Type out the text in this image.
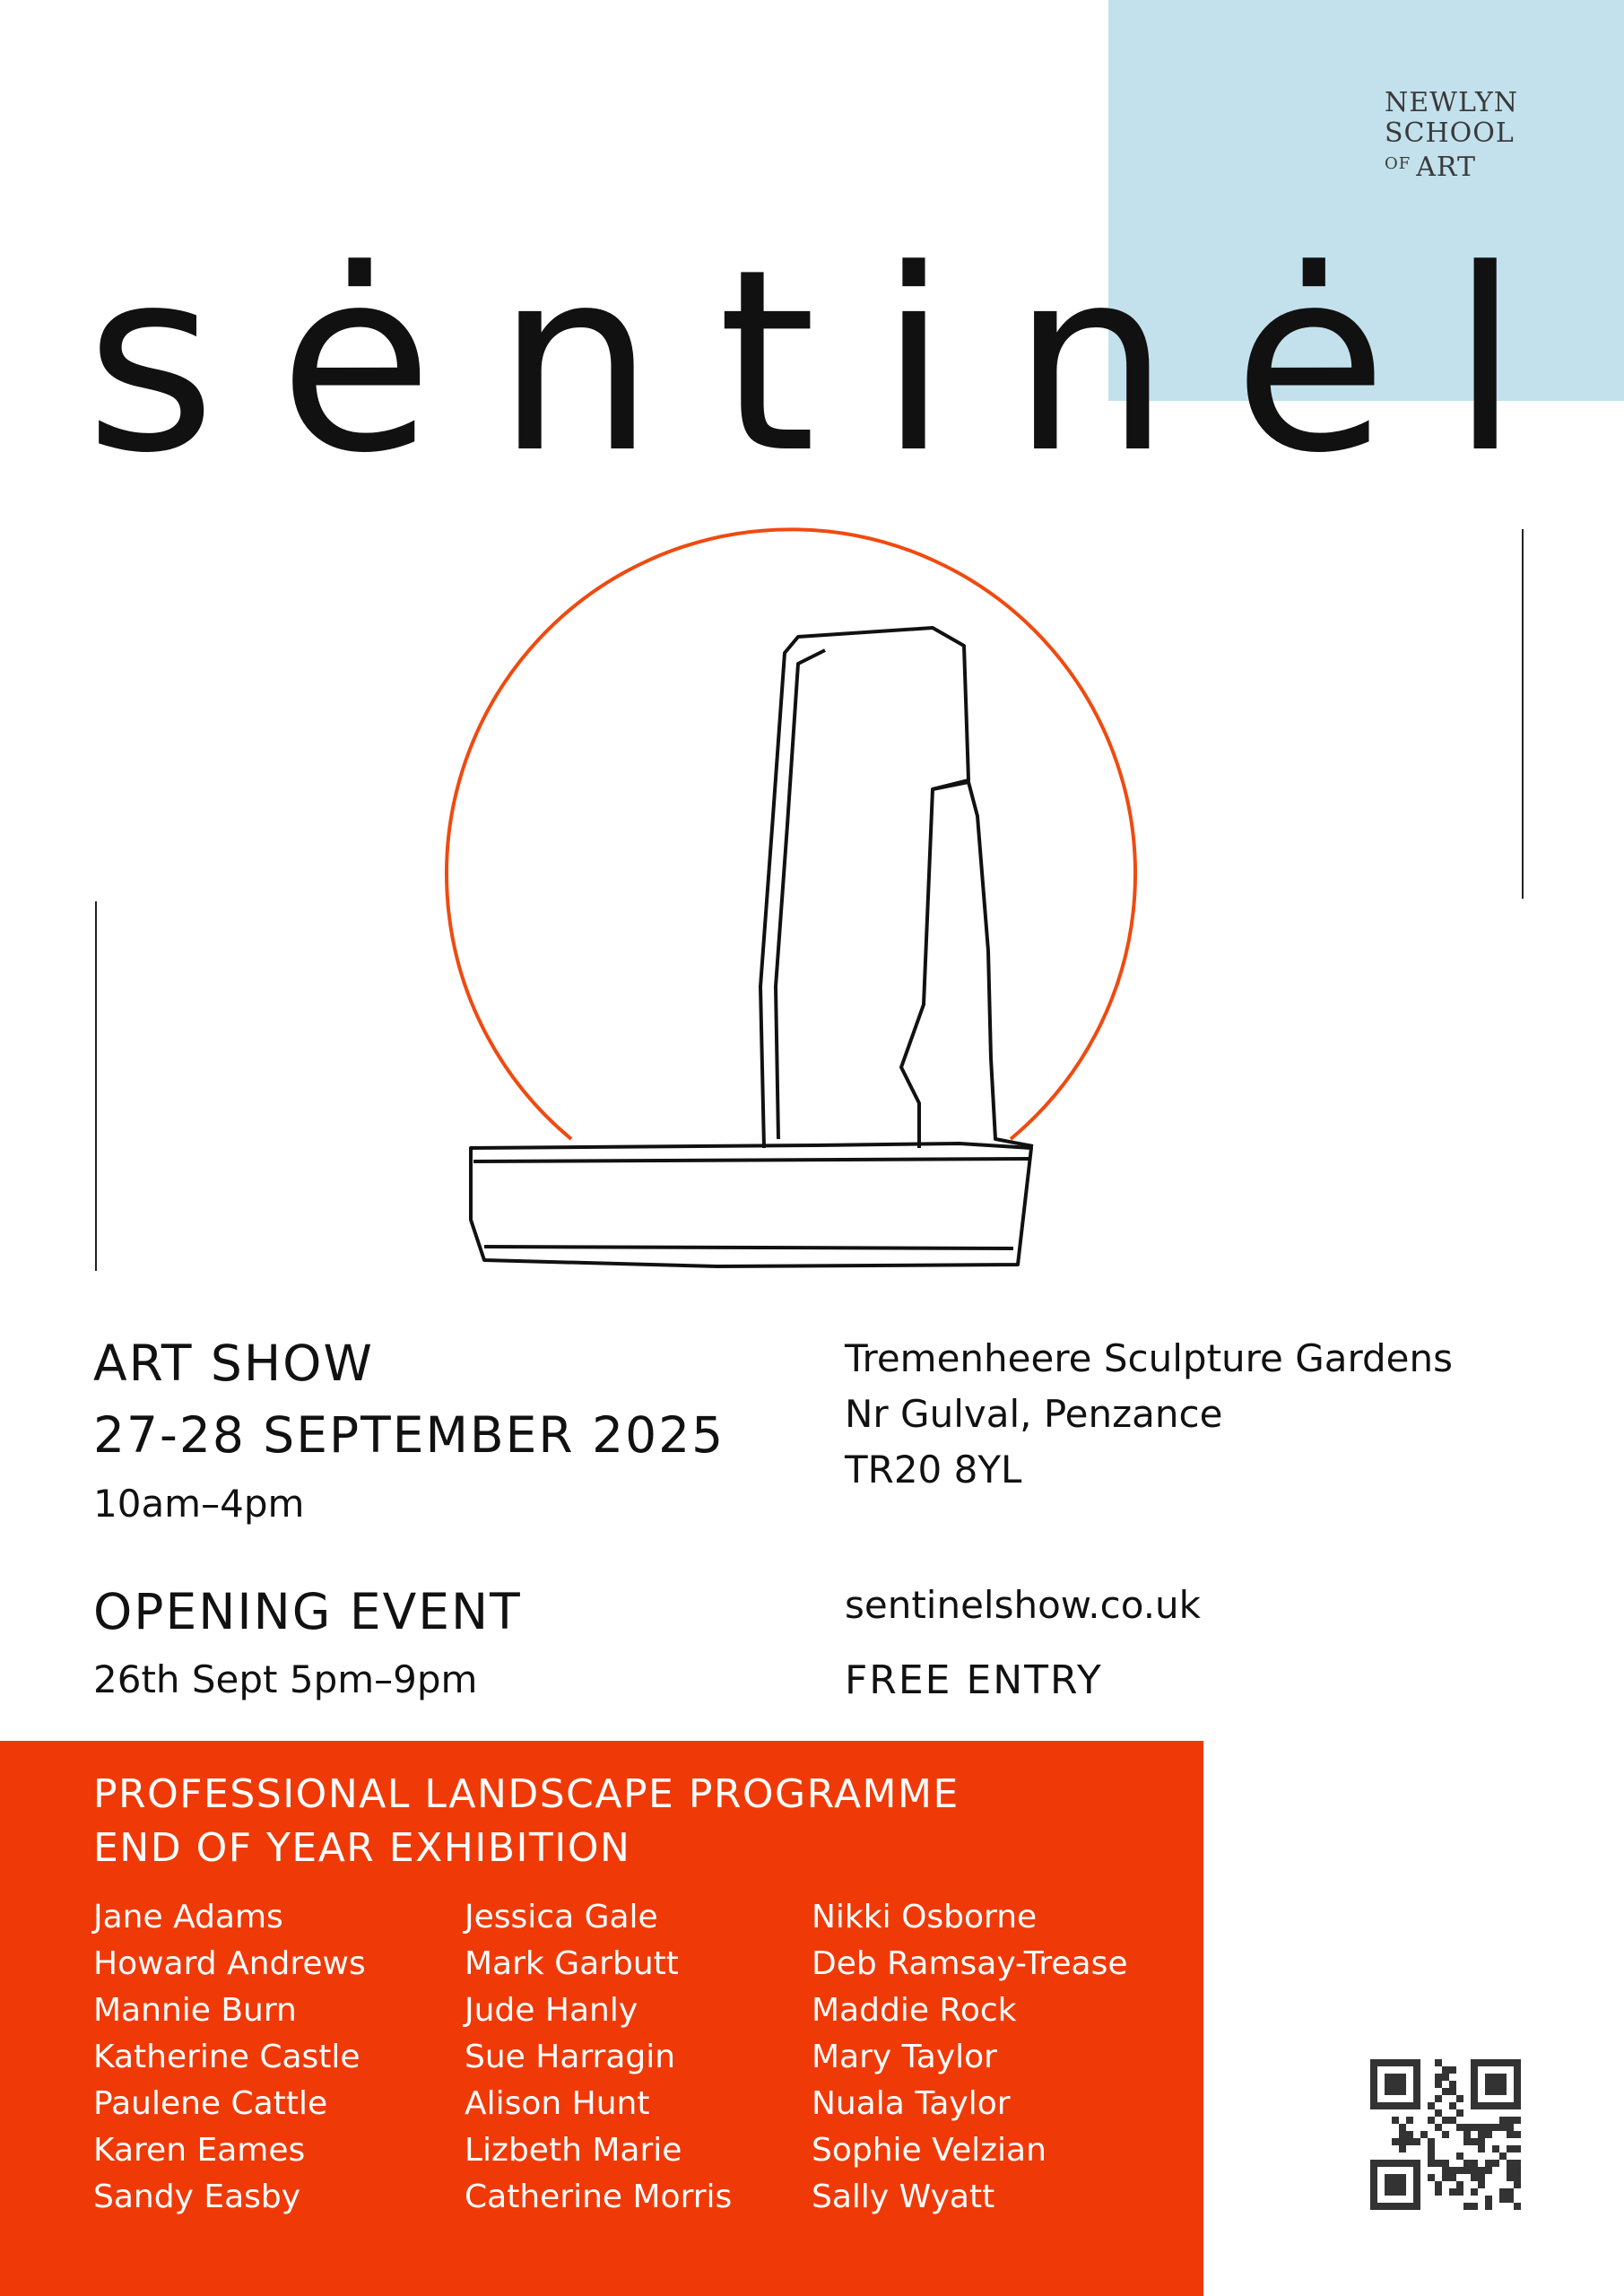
NEWLYN
SCHOOL
$^{OF}$ ART
sėntinėl
ART SHOW
27-28 SEPTEMBER 2025
10am–4pm
OPENING EVENT
26th Sept 5pm–9pm
Tremenheere Sculpture Gardens
Nr Gulval, Penzance
TR20 8YL
sentinelshow.co.uk
FREE ENTRY
PROFESSIONAL LANDSCAPE PROGRAMME
END OF YEAR EXHIBITION
Jane Adams
Howard Andrews
Mannie Burn
Katherine Castle
Paulene Cattle
Karen Eames
Sandy Easby
Jessica Gale
Mark Garbutt
Jude Hanly
Sue Harragin
Alison Hunt
Lizbeth Marie
Catherine Morris
Nikki Osborne
Deb Ramsay-Trease
Maddie Rock
Mary Taylor
Nuala Taylor
Sophie Velzian
Sally Wyatt
